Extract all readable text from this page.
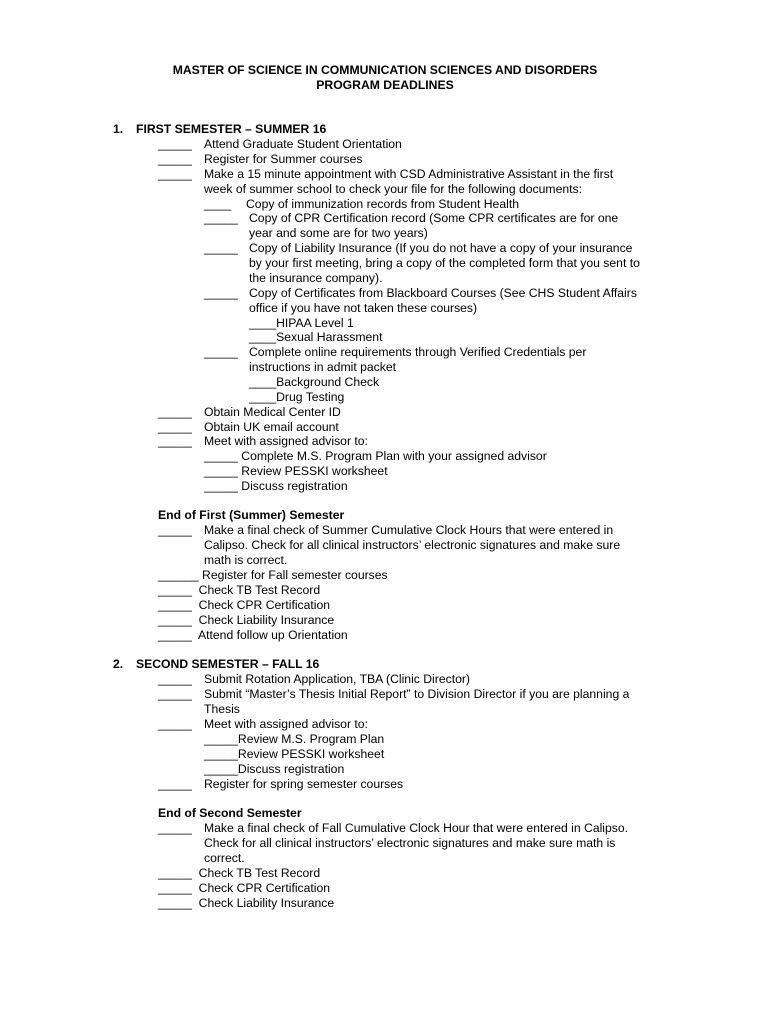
MASTER OF SCIENCE IN COMMUNICATION SCIENCES AND DISORDERS
PROGRAM DEADLINES
1. FIRST SEMESTER – SUMMER 16
_____ Attend Graduate Student Orientation
_____ Register for Summer courses
_____ Make a 15 minute appointment with CSD Administrative Assistant in the first
week of summer school to check your file for the following documents:
____ Copy of immunization records from Student Health
_____ Copy of CPR Certification record (Some CPR certificates are for one
year and some are for two years)
_____ Copy of Liability Insurance (If you do not have a copy of your insurance
by your first meeting, bring a copy of the completed form that you sent to
the insurance company).
_____ Copy of Certificates from Blackboard Courses (See CHS Student Affairs
office if you have not taken these courses)
____HIPAA Level 1
____Sexual Harassment
_____ Complete online requirements through Verified Credentials per
instructions in admit packet
____Background Check
____Drug Testing
_____ Obtain Medical Center ID
_____ Obtain UK email account
_____ Meet with assigned advisor to:
_____ Complete M.S. Program Plan with your assigned advisor
_____ Review PESSKI worksheet
_____ Discuss registration
End of First (Summer) Semester
_____ Make a final check of Summer Cumulative Clock Hours that were entered in
Calipso. Check for all clinical instructors’ electronic signatures and make sure
math is correct.
______ Register for Fall semester courses
_____  Check TB Test Record
_____  Check CPR Certification
_____  Check Liability Insurance
_____  Attend follow up Orientation
2. SECOND SEMESTER – FALL 16
_____ Submit Rotation Application, TBA (Clinic Director)
_____ Submit “Master’s Thesis Initial Report” to Division Director if you are planning a
Thesis
_____ Meet with assigned advisor to:
_____Review M.S. Program Plan
_____Review PESSKI worksheet
_____Discuss registration
_____ Register for spring semester courses
End of Second Semester
_____ Make a final check of Fall Cumulative Clock Hour that were entered in Calipso.
Check for all clinical instructors’ electronic signatures and make sure math is
correct.
_____  Check TB Test Record
_____  Check CPR Certification
_____  Check Liability Insurance
